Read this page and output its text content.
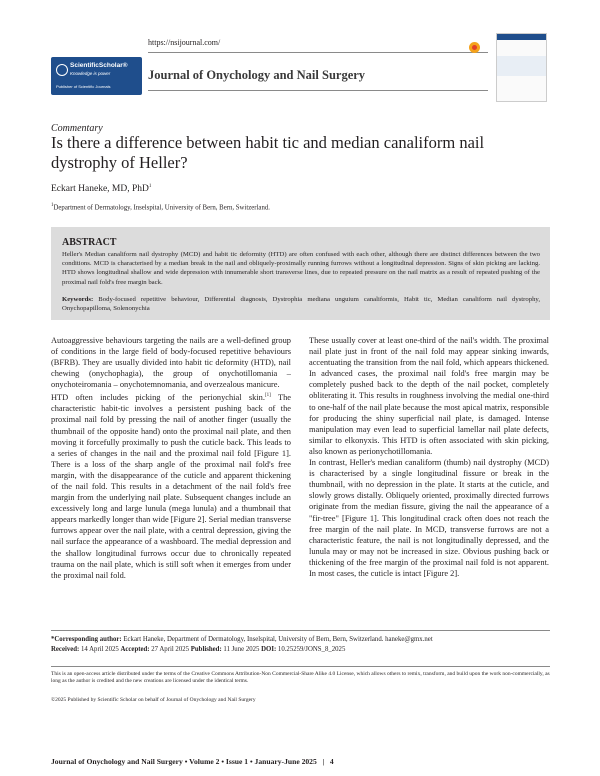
ScientificScholar®
Knowledge is power
Publisher of Scientific Journals
https://nsijournal.com/
Journal of Onychology and Nail Surgery
Commentary
Is there a difference between habit tic and median canaliform nail dystrophy of Heller?
Eckart Haneke, MD, PhD$^1$
$^1$Department of Dermatology, Inselspital, University of Bern, Bern, Switzerland.
ABSTRACT
Heller's Median canaliform nail dystrophy (MCD) and habit tic deformity (HTD) are often confused with each other, although there are distinct differences between the two conditions. MCD is characterised by a median break in the nail and obliquely-proximally running furrows without a longitudinal depression. Signs of skin picking are lacking. HTD shows longitudinal shallow and wide depression with innumerable short transverse lines, due to repeated pressure on the nail matrix as a result of repeated pushing of the proximal nail fold's free margin back.
Keywords: Body-focused repetitive behaviour, Differential diagnosis, Dystrophia mediana unguium canaliformis, Habit tic, Median canaliform nail dystrophy, Onychopapilloma, Solenonychia

Autoaggressive behaviours targeting the nails are a well-defined group of conditions in the large field of body-focused repetitive behaviours (BFRB). They are usually divided into habit tic deformity (HTD), nail chewing (onychophagia), the group of onychotillomania – onychoteiromania – onychotemnomania, and overzealous manicure.

HTD often includes picking of the perionychial skin.[1] The characteristic habit-tic involves a persistent pushing back of the proximal nail fold by pressing the nail of another finger (usually the thumbnail of the opposite hand) onto the proximal nail plate, and then moving it forcefully proximally to push the cuticle back. This leads to a series of changes in the nail and the proximal nail fold [Figure 1]. There is a loss of the sharp angle of the proximal nail fold's free margin, with the disappearance of the cuticle and apparent thickening of the nail fold. This results in a detachment of the nail fold's free margin from the underlying nail plate. Subsequent changes include an excessively long and large lunula (mega lunula) and a thumbnail that appears markedly longer than wide [Figure 2]. Serial median transverse furrows appear over the nail plate, with a central depression, giving the nail surface the appearance of a washboard. The medial depression and the shallow longitudinal furrows occur due to chronically repeated trauma on the nail plate, which is still soft when it emerges from under the proximal nail fold.

These usually cover at least one-third of the nail's width. The proximal nail plate just in front of the nail fold may appear sinking inwards, accentuating the transition from the nail fold, which appears thickened. In advanced cases, the proximal nail fold's free margin may be completely pushed back to the depth of the nail pocket, completely obliterating it. This results in roughness involving the medial one-third to one-half of the nail plate because the most apical matrix, responsible for producing the shiny superficial nail plate, is damaged. Intense manipulation may even lead to superficial lamellar nail plate defects, similar to elkonyxis. This HTD is often associated with skin picking, also known as perionychotillomania.

In contrast, Heller's median canaliform (thumb) nail dystrophy (MCD) is characterised by a single longitudinal fissure or break in the thumbnail, with no depression in the plate. It starts at the cuticle, and slowly grows distally. Obliquely oriented, proximally directed furrows originate from the median fissure, giving the nail the appearance of a "fir-tree" [Figure 1]. This longitudinal crack often does not reach the free margin of the nail plate. In MCD, transverse furrows are not a characteristic feature, the nail is not longitudinally depressed, and the lunula may or may not be increased in size. Obvious pushing back or thickening of the free margin of the proximal nail fold is not apparent. In most cases, the cuticle is intact [Figure 2].

*Corresponding author: Eckart Haneke, Department of Dermatology, Inselspital, University of Bern, Bern, Switzerland. haneke@gmx.net
Received: 14 April 2025 Accepted: 27 April 2025 Published: 11 June 2025 DOI: 10.25259/JONS_8_2025
This is an open-access article distributed under the terms of the Creative Commons Attribution-Non Commercial-Share Alike 4.0 License, which allows others to remix, transform, and build upon the work non-commercially, as long as the author is credited and the new creations are licensed under the identical terms.
©2025 Published by Scientific Scholar on behalf of Journal of Onychology and Nail Surgery
Journal of Onychology and Nail Surgery • Volume 2 • Issue 1 • January-June 2025 | 4
